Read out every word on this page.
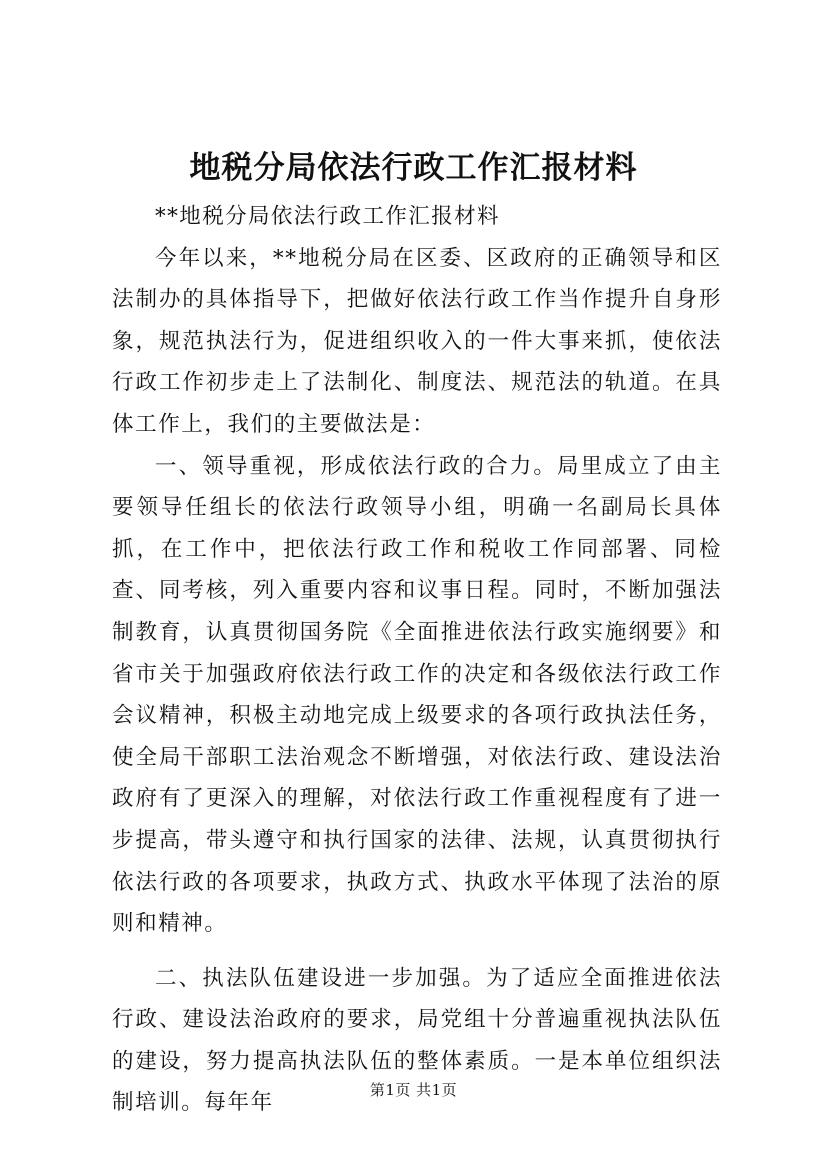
地税分局依法行政工作汇报材料

**地税分局依法行政工作汇报材料

今年以来，**地税分局在区委、区政府的正确领导和区法制办的具体指导下，把做好依法行政工作当作提升自身形象，规范执法行为，促进组织收入的一件大事来抓，使依法行政工作初步走上了法制化、制度法、规范法的轨道。在具体工作上，我们的主要做法是：

一、领导重视，形成依法行政的合力。局里成立了由主要领导任组长的依法行政领导小组，明确一名副局长具体抓，在工作中，把依法行政工作和税收工作同部署、同检查、同考核，列入重要内容和议事日程。同时，不断加强法制教育，认真贯彻国务院《全面推进依法行政实施纲要》和省市关于加强政府依法行政工作的决定和各级依法行政工作会议精神，积极主动地完成上级要求的各项行政执法任务，使全局干部职工法治观念不断增强，对依法行政、建设法治政府有了更深入的理解，对依法行政工作重视程度有了进一步提高，带头遵守和执行国家的法律、法规，认真贯彻执行依法行政的各项要求，执政方式、执政水平体现了法治的原则和精神。

二、执法队伍建设进一步加强。为了适应全面推进依法行政、建设法治政府的要求，局党组十分普遍重视执法队伍的建设，努力提高执法队伍的整体素质。一是本单位组织法制培训。每年年

第1页 共1页
